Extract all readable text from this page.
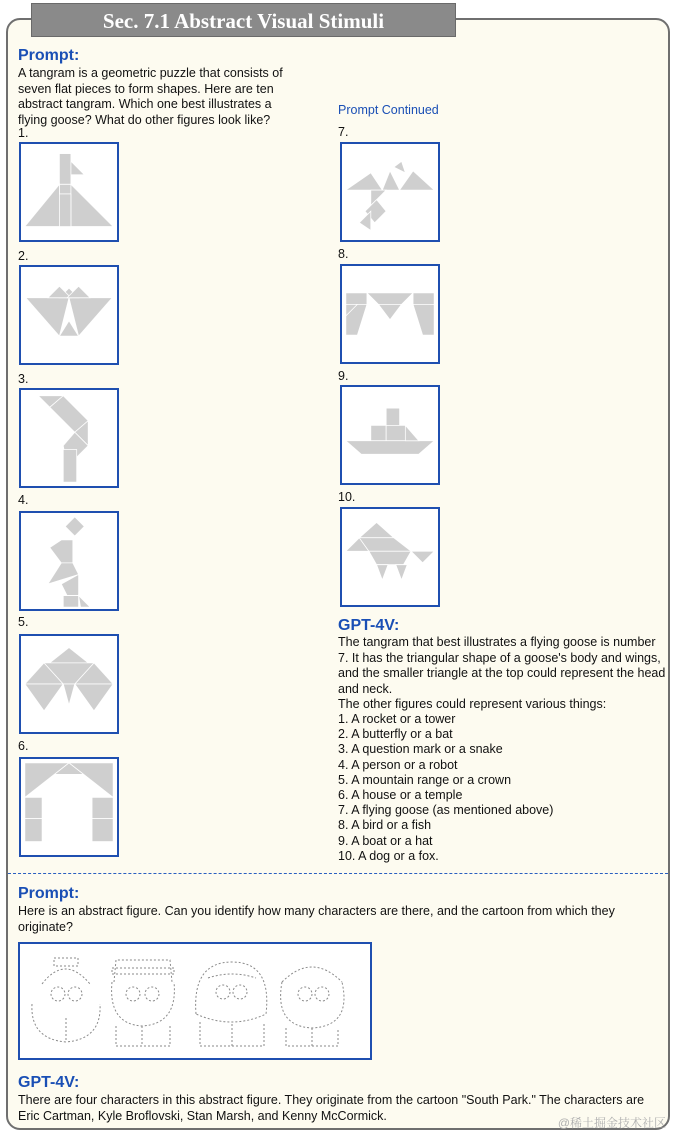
Sec. 7.1 Abstract Visual Stimuli
Prompt:
A tangram is a geometric puzzle that consists of seven flat pieces to form shapes. Here are ten abstract tangram. Which one best illustrates a flying goose? What do other figures look like?
Prompt Continued
1.
2.
3.
4.
5.
6.
7.
8.
9.
10.
GPT-4V:
The tangram that best illustrates a flying goose is number 7. It has the triangular shape of a goose's body and wings, and the smaller triangle at the top could represent the head and neck.
The other figures could represent various things:
1. A rocket or a tower
2. A butterfly or a bat
3. A question mark or a snake
4. A person or a robot
5. A mountain range or a crown
6. A house or a temple
7. A flying goose (as mentioned above)
8. A bird or a fish
9. A boat or a hat
10. A dog or a fox.
Prompt:
Here is an abstract figure. Can you identify how many characters are there, and the cartoon from which they originate?
GPT-4V:
There are four characters in this abstract figure. They originate from the cartoon "South Park." The characters are Eric Cartman, Kyle Broflovski, Stan Marsh, and Kenny McCormick.
@稀土掘金技术社区
